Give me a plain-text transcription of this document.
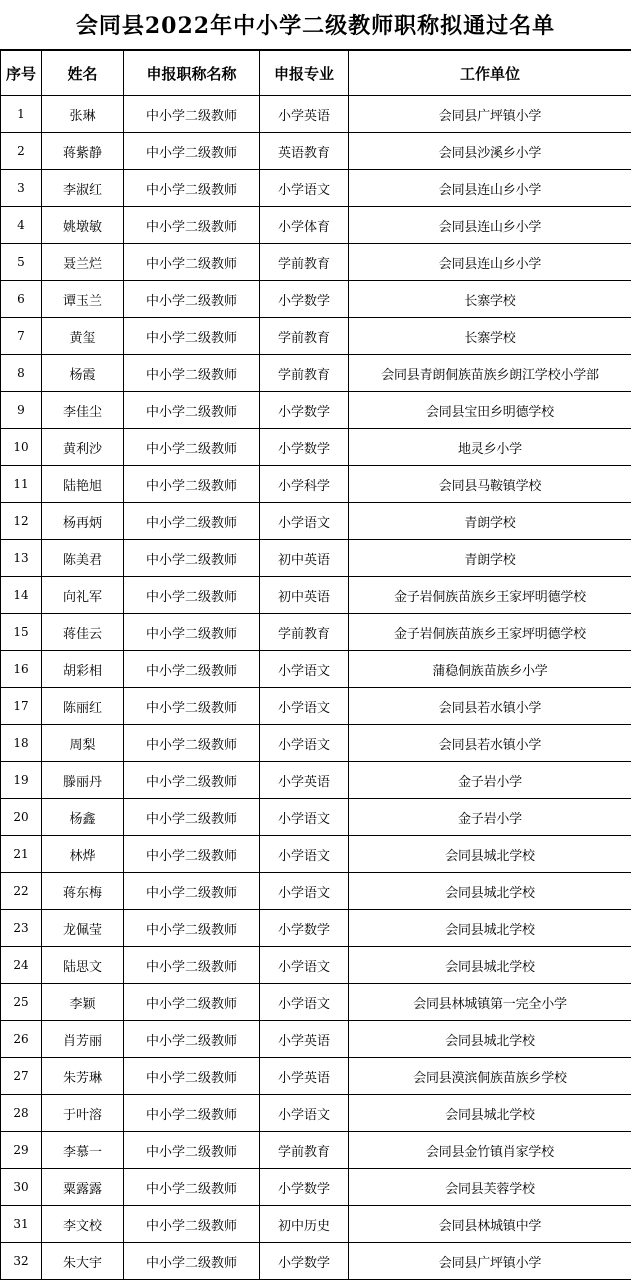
会同县2022年中小学二级教师职称拟通过名单
序号	姓名	申报职称名称	申报专业	工作单位
1	张琳	中小学二级教师	小学英语	会同县广坪镇小学
2	蒋紫静	中小学二级教师	英语教育	会同县沙溪乡小学
3	李淑红	中小学二级教师	小学语文	会同县连山乡小学
4	姚墩敏	中小学二级教师	小学体育	会同县连山乡小学
5	聂兰烂	中小学二级教师	学前教育	会同县连山乡小学
6	谭玉兰	中小学二级教师	小学数学	长寨学校
7	黄玺	中小学二级教师	学前教育	长寨学校
8	杨霞	中小学二级教师	学前教育	会同县青朗侗族苗族乡朗江学校小学部
9	李佳尘	中小学二级教师	小学数学	会同县宝田乡明德学校
10	黄利沙	中小学二级教师	小学数学	地灵乡小学
11	陆艳旭	中小学二级教师	小学科学	会同县马鞍镇学校
12	杨再炳	中小学二级教师	小学语文	青朗学校
13	陈美君	中小学二级教师	初中英语	青朗学校
14	向礼军	中小学二级教师	初中英语	金子岩侗族苗族乡王家坪明德学校
15	蒋佳云	中小学二级教师	学前教育	金子岩侗族苗族乡王家坪明德学校
16	胡彩相	中小学二级教师	小学语文	蒲稳侗族苗族乡小学
17	陈丽红	中小学二级教师	小学语文	会同县若水镇小学
18	周梨	中小学二级教师	小学语文	会同县若水镇小学
19	滕丽丹	中小学二级教师	小学英语	金子岩小学
20	杨鑫	中小学二级教师	小学语文	金子岩小学
21	林烨	中小学二级教师	小学语文	会同县城北学校
22	蒋东梅	中小学二级教师	小学语文	会同县城北学校
23	龙佩莹	中小学二级教师	小学数学	会同县城北学校
24	陆思文	中小学二级教师	小学语文	会同县城北学校
25	李颖	中小学二级教师	小学语文	会同县林城镇第一完全小学
26	肖芳丽	中小学二级教师	小学英语	会同县城北学校
27	朱芳琳	中小学二级教师	小学英语	会同县漠滨侗族苗族乡学校
28	于叶溶	中小学二级教师	小学语文	会同县城北学校
29	李慕一	中小学二级教师	学前教育	会同县金竹镇肖家学校
30	粟露露	中小学二级教师	小学数学	会同县芙蓉学校
31	李文校	中小学二级教师	初中历史	会同县林城镇中学
32	朱大宇	中小学二级教师	小学数学	会同县广坪镇小学
